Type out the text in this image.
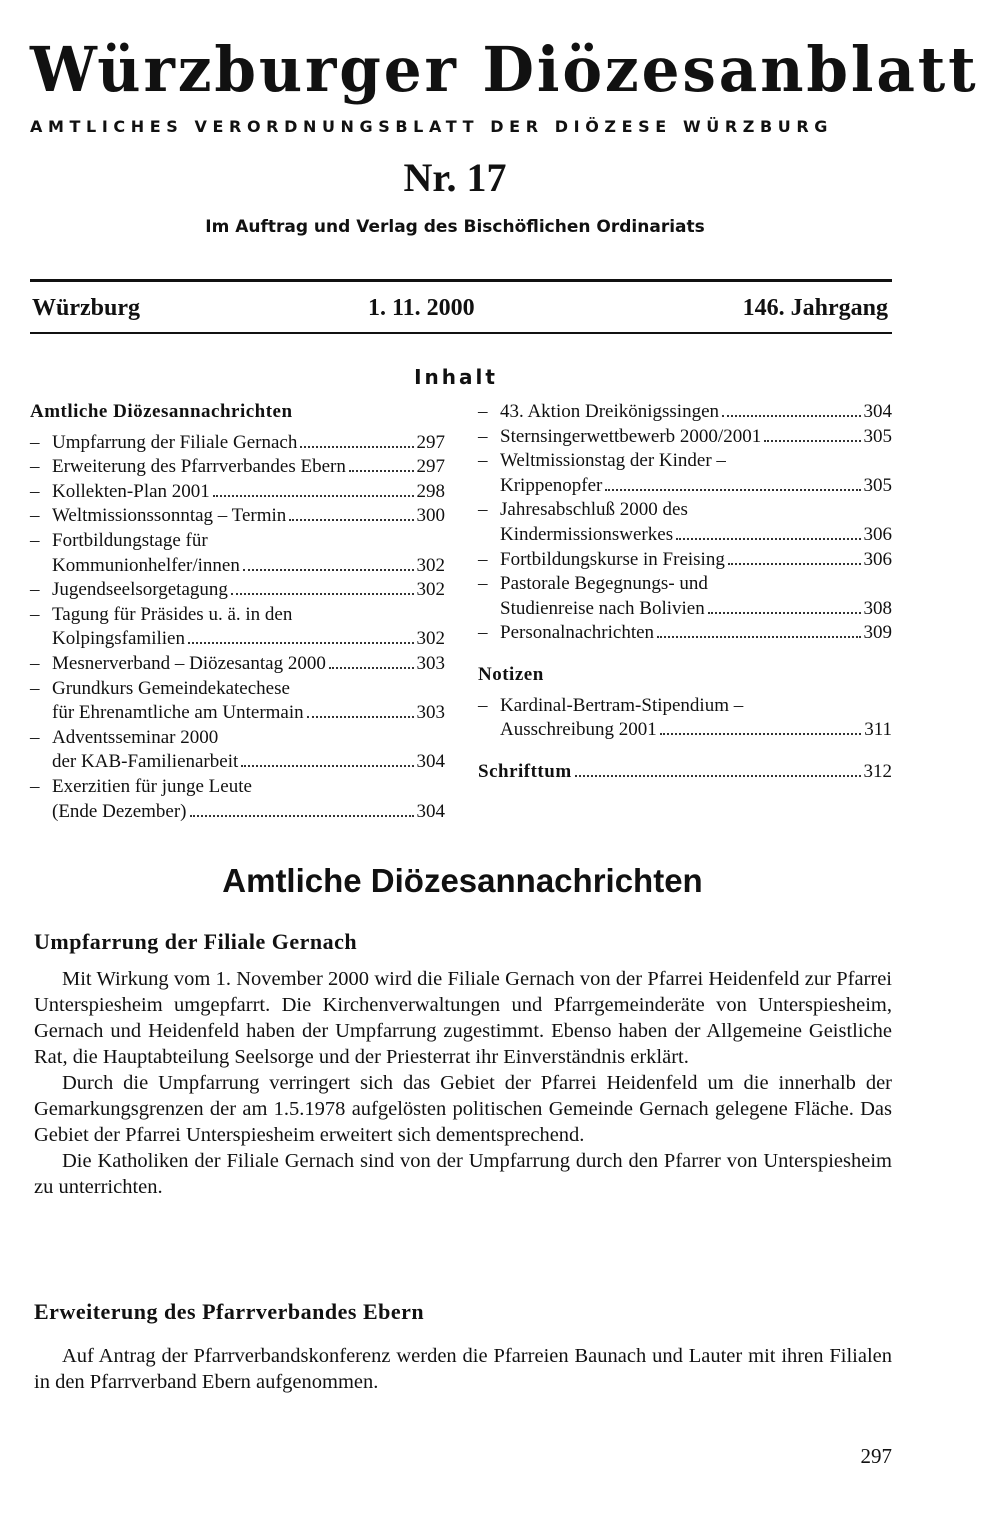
Würzburger Diözesanblatt
AMTLICHES VERORDNUNGSBLATT DER DIÖZESE WÜRZBURG
Nr. 17
Im Auftrag und Verlag des Bischöflichen Ordinariats
Würzburg	1. 11. 2000	146. Jahrgang
Inhalt
Amtliche Diözesannachrichten
– Umpfarrung der Filiale Gernach	297
– Erweiterung des Pfarrverbandes Ebern	297
– Kollekten-Plan 2001	298
– Weltmissionssonntag – Termin	300
– Fortbildungstage für
Kommunionhelfer/innen	302
– Jugendseelsorgetagung	302
– Tagung für Präsides u. ä. in den
Kolpingsfamilien	302
– Mesnerverband – Diözesantag 2000	303
– Grundkurs Gemeindekatechese
für Ehrenamtliche am Untermain	303
– Adventsseminar 2000
der KAB-Familienarbeit	304
– Exerzitien für junge Leute
(Ende Dezember)	304
– 43. Aktion Dreikönigssingen	304
– Sternsingerwettbewerb 2000/2001	305
– Weltmissionstag der Kinder –
Krippenopfer	305
– Jahresabschluß 2000 des
Kindermissionswerkes	306
– Fortbildungskurse in Freising	306
– Pastorale Begegnungs- und
Studienreise nach Bolivien	308
– Personalnachrichten	309
Notizen
– Kardinal-Bertram-Stipendium –
Ausschreibung 2001	311
Schrifttum	312
Amtliche Diözesannachrichten
Umpfarrung der Filiale Gernach

Mit Wirkung vom 1. November 2000 wird die Filiale Gernach von der Pfarrei Heidenfeld zur Pfarrei Unterspiesheim umgepfarrt. Die Kirchenverwaltungen und Pfarrgemeinderäte von Unterspiesheim, Gernach und Heidenfeld haben der Umpfarrung zugestimmt. Ebenso haben der Allgemeine Geistliche Rat, die Hauptabteilung Seelsorge und der Priesterrat ihr Einverständnis erklärt.

Durch die Umpfarrung verringert sich das Gebiet der Pfarrei Heidenfeld um die innerhalb der Gemarkungsgrenzen der am 1.5.1978 aufgelösten politischen Gemeinde Gernach gelegene Fläche. Das Gebiet der Pfarrei Unterspiesheim erweitert sich dementsprechend.

Die Katholiken der Filiale Gernach sind von der Umpfarrung durch den Pfarrer von Unterspiesheim zu unterrichten.

Erweiterung des Pfarrverbandes Ebern

Auf Antrag der Pfarrverbandskonferenz werden die Pfarreien Baunach und Lauter mit ihren Filialen in den Pfarrverband Ebern aufgenommen.

297
